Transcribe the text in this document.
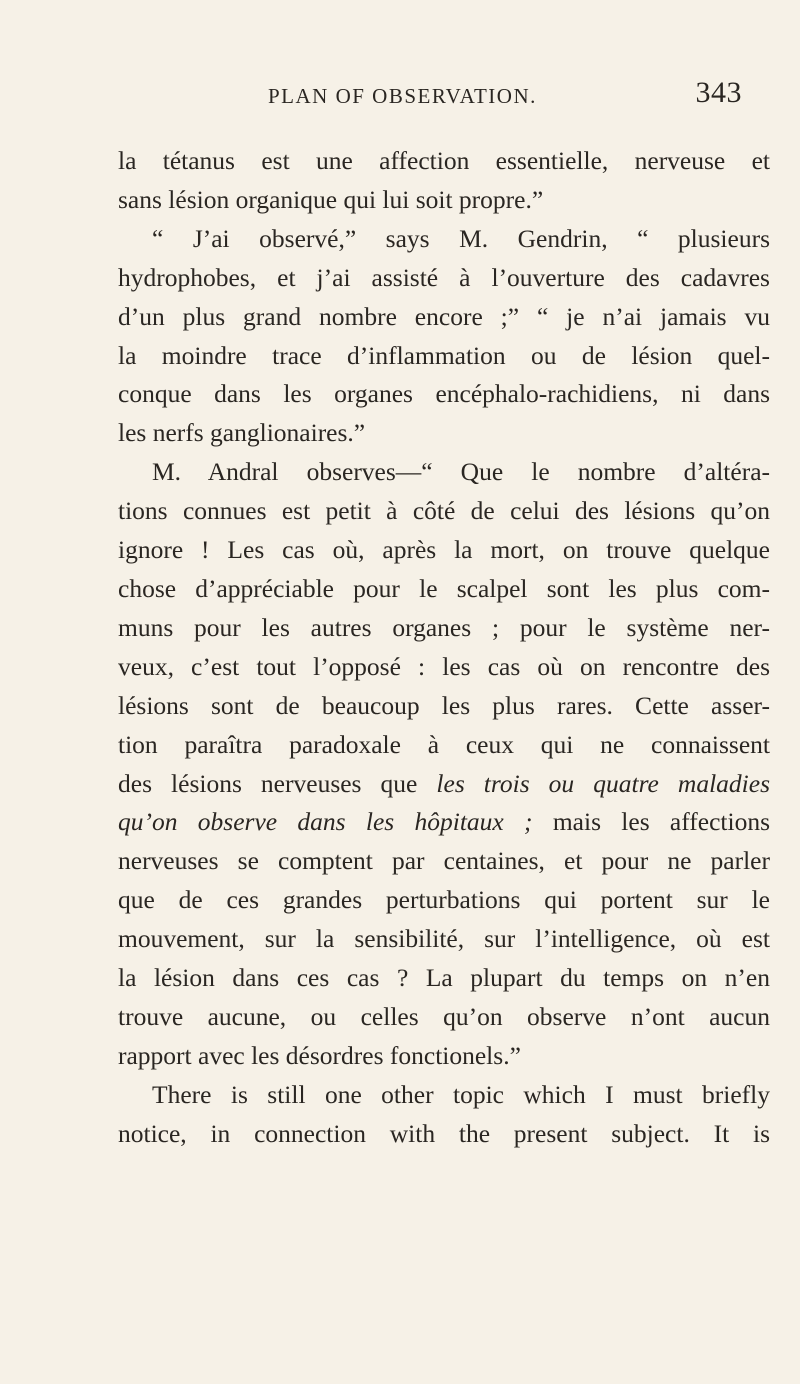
PLAN OF OBSERVATION.	343
la tétanus est une affection essentielle, nerveuse et
sans lésion organique qui lui soit propre.”
“ J’ai observé,” says M. Gendrin, “ plusieurs
hydrophobes, et j’ai assisté à l’ouverture des cadavres
d’un plus grand nombre encore ;” “ je n’ai jamais vu
la moindre trace d’inflammation ou de lésion quel-
conque dans les organes encéphalo-rachidiens, ni dans
les nerfs ganglionaires.”
M. Andral observes—“ Que le nombre d’altéra-
tions connues est petit à côté de celui des lésions qu’on
ignore ! Les cas où, après la mort, on trouve quelque
chose d’appréciable pour le scalpel sont les plus com-
muns pour les autres organes ; pour le système ner-
veux, c’est tout l’opposé : les cas où on rencontre des
lésions sont de beaucoup les plus rares. Cette asser-
tion paraîtra paradoxale à ceux qui ne connaissent
des lésions nerveuses que les trois ou quatre maladies
qu’on observe dans les hôpitaux ; mais les affections
nerveuses se comptent par centaines, et pour ne parler
que de ces grandes perturbations qui portent sur le
mouvement, sur la sensibilité, sur l’intelligence, où est
la lésion dans ces cas ? La plupart du temps on n’en
trouve aucune, ou celles qu’on observe n’ont aucun
rapport avec les désordres fonctionels.”
There is still one other topic which I must briefly
notice, in connection with the present subject. It is
